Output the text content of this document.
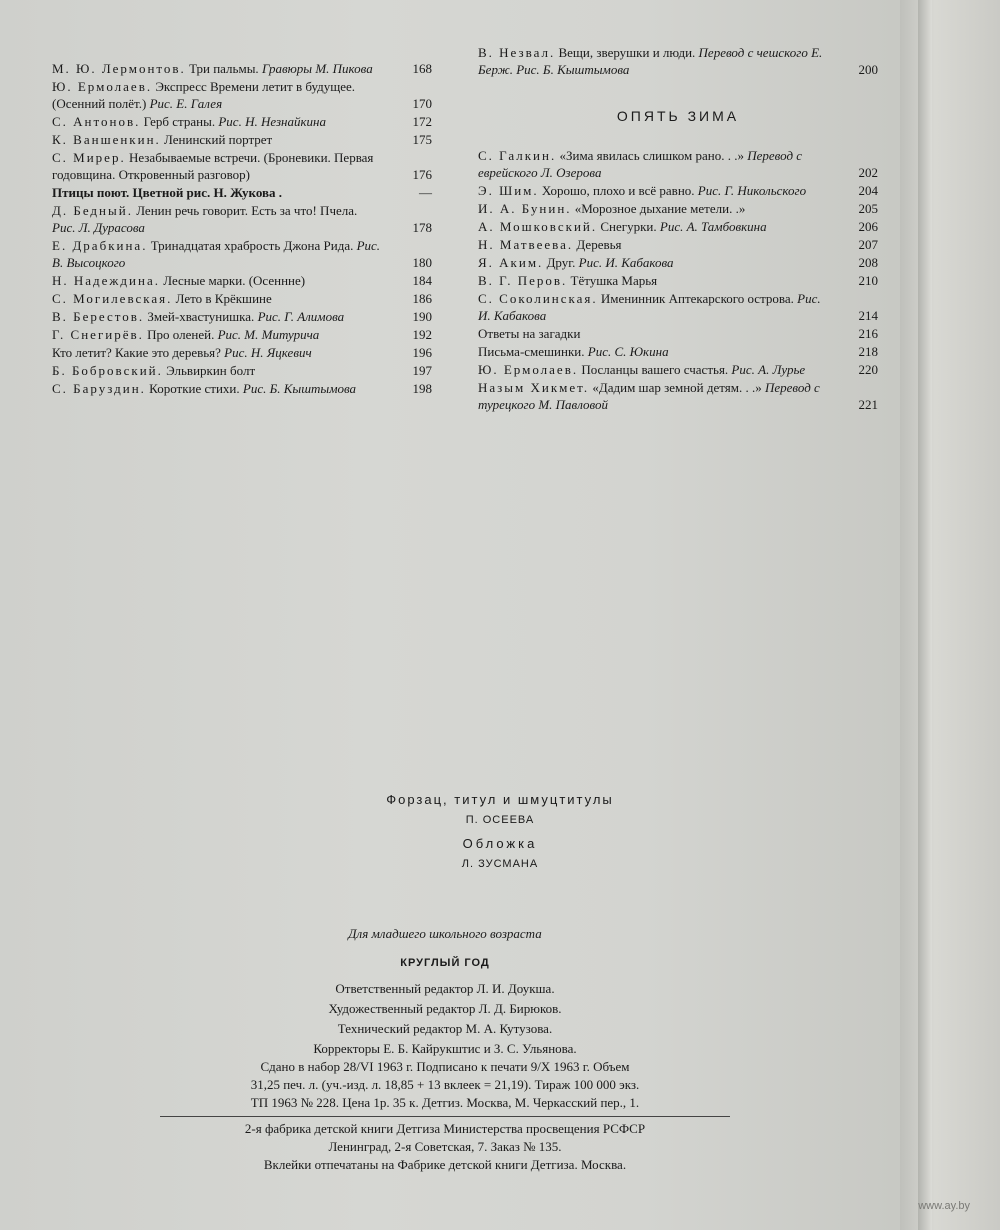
М. Ю. Лермонтов. Три пальмы. Гравюры М. Пикова	168
Ю. Ермолаев. Экспресс Времени летит в будущее. (Осенний полёт.) Рис. Е. Галея	170
С. Антонов. Герб страны. Рис. Н. Незнайкина	172
К. Ваншенкин. Ленинский портрет	175
С. Мирер. Незабываемые встречи. (Броневики. Первая годовщина. Откровенный разговор)	176
Птицы поют. Цветной рис. Н. Жукова .	—
Д. Бедный. Ленин речь говорит. Есть за что! Пчела. Рис. Л. Дурасова	178
Е. Драбкина. Тринадцатая храбрость Джона Рида. Рис. В. Высоцкого	180
Н. Надеждина. Лесные марки. (Осеннне)	184
С. Могилевская. Лето в Крёкшине	186
В. Берестов. Змей-хвастунишка. Рис. Г. Алимова	190
Г. Снегирёв. Про оленей. Рис. М. Митурича	192
Кто летит? Какие это деревья? Рис. Н. Яцкевич	196
Б. Бобровский. Эльвиркин болт	197
С. Баруздин. Короткие стихи. Рис. Б. Кыштымова	198
В. Незвал. Вещи, зверушки и люди. Перевод с чешского Е. Берж. Рис. Б. Кыштымова	200
ОПЯТЬ ЗИМА
С. Галкин. «Зима явилась слишком рано. . .» Перевод с еврейского Л. Озерова	202
Э. Шим. Хорошо, плохо и всё равно. Рис. Г. Никольского	204
И. А. Бунин. «Морозное дыхание метели. .»	205
А. Мошковский. Снегурки. Рис. А. Тамбовкина	206
Н. Матвеева. Деревья	207
Я. Аким. Друг. Рис. И. Кабакова	208
В. Г. Перов. Тётушка Марья	210
С. Соколинская. Именинник Аптекарского острова. Рис. И. Кабакова	214
Ответы на загадки	216
Письма-смешинки. Рис. С. Юкина	218
Ю. Ермолаев. Посланцы вашего счастья. Рис. А. Лурье	220
Назым Хикмет. «Дадим шар земной детям. . .» Перевод с турецкого М. Павловой	221
Форзац, титул и шмуцтитулы
П. ОСЕЕВА
Обложка
Л. ЗУСМАНА
Для младшего школьного возраста
КРУГЛЫЙ ГОД
Ответственный редактор Л. И. Доукша.
Художественный редактор Л. Д. Бирюков.
Технический редактор М. А. Кутузова.
Корректоры Е. Б. Кайрукштис и З. С. Ульянова.
Сдано в набор 28/VI 1963 г. Подписано к печати 9/X 1963 г. Объем
31,25 печ. л. (уч.-изд. л. 18,85 + 13 вклеек = 21,19). Тираж 100 000 экз.
ТП 1963 № 228. Цена 1р. 35 к. Детгиз. Москва, М. Черкасский пер., 1.
2-я фабрика детской книги Детгиза Министерства просвещения РСФСР
Ленинград, 2-я Советская, 7. Заказ № 135.
Вклейки отпечатаны на Фабрике детской книги Детгиза. Москва.
www.ay.by
